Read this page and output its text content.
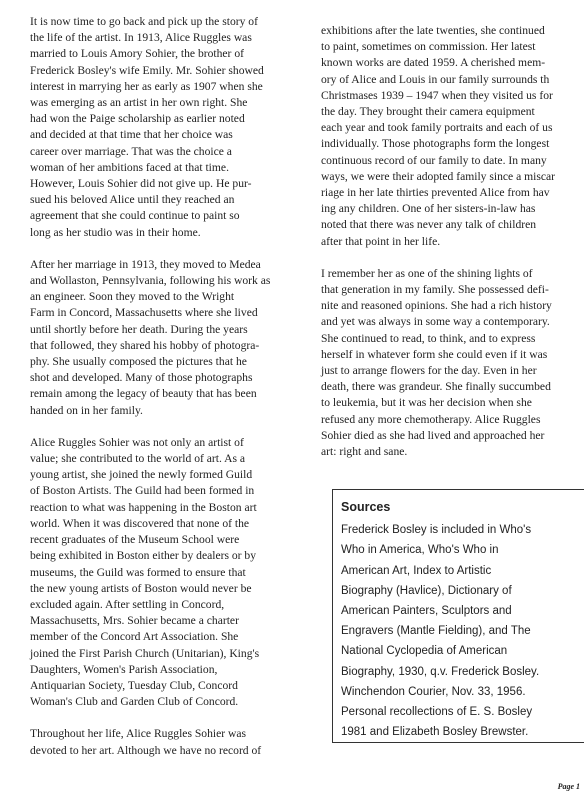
It is now time to go back and pick up the story of
the life of the artist. In 1913, Alice Ruggles was
married to Louis Amory Sohier, the brother of
Frederick Bosley's wife Emily. Mr. Sohier showed
interest in marrying her as early as 1907 when she
was emerging as an artist in her own right. She
had won the Paige scholarship as earlier noted
and decided at that time that her choice was
career over marriage. That was the choice a
woman of her ambitions faced at that time.
However, Louis Sohier did not give up. He pur-
sued his beloved Alice until they reached an
agreement that she could continue to paint so
long as her studio was in their home.

After her marriage in 1913, they moved to Medea
and Wollaston, Pennsylvania, following his work as
an engineer. Soon they moved to the Wright
Farm in Concord, Massachusetts where she lived
until shortly before her death. During the years
that followed, they shared his hobby of photogra-
phy. She usually composed the pictures that he
shot and developed. Many of those photographs
remain among the legacy of beauty that has been
handed on in her family.

Alice Ruggles Sohier was not only an artist of
value; she contributed to the world of art. As a
young artist, she joined the newly formed Guild
of Boston Artists. The Guild had been formed in
reaction to what was happening in the Boston art
world. When it was discovered that none of the
recent graduates of the Museum School were
being exhibited in Boston either by dealers or by
museums, the Guild was formed to ensure that
the new young artists of Boston would never be
excluded again. After settling in Concord,
Massachusetts, Mrs. Sohier became a charter
member of the Concord Art Association. She
joined the First Parish Church (Unitarian), King's
Daughters, Women's Parish Association,
Antiquarian Society, Tuesday Club, Concord
Woman's Club and Garden Club of Concord.

Throughout her life, Alice Ruggles Sohier was
devoted to her art. Although we have no record of

exhibitions after the late twenties, she continued
to paint, sometimes on commission. Her latest
known works are dated 1959. A cherished mem-
ory of Alice and Louis in our family surrounds th
Christmases 1939 – 1947 when they visited us for
the day. They brought their camera equipment
each year and took family portraits and each of us
individually. Those photographs form the longest
continuous record of our family to date. In many
ways, we were their adopted family since a miscar
riage in her late thirties prevented Alice from hav
ing any children. One of her sisters-in-law has
noted that there was never any talk of children
after that point in her life.

I remember her as one of the shining lights of
that generation in my family. She possessed defi-
nite and reasoned opinions. She had a rich history
and yet was always in some way a contemporary.
She continued to read, to think, and to express
herself in whatever form she could even if it was
just to arrange flowers for the day. Even in her
death, there was grandeur. She finally succumbed
to leukemia, but it was her decision when she
refused any more chemotherapy. Alice Ruggles
Sohier died as she had lived and approached her
art: right and sane.

Sources
Frederick Bosley is included in Who's
Who in America, Who's Who in
American Art, Index to Artistic
Biography (Havlice), Dictionary of
American Painters, Sculptors and
Engravers (Mantle Fielding), and The
National Cyclopedia of American
Biography, 1930, q.v. Frederick Bosley.
Winchendon Courier, Nov. 33, 1956.
Personal recollections of E. S. Bosley
1981 and Elizabeth Bosley Brewster.
Page 1
